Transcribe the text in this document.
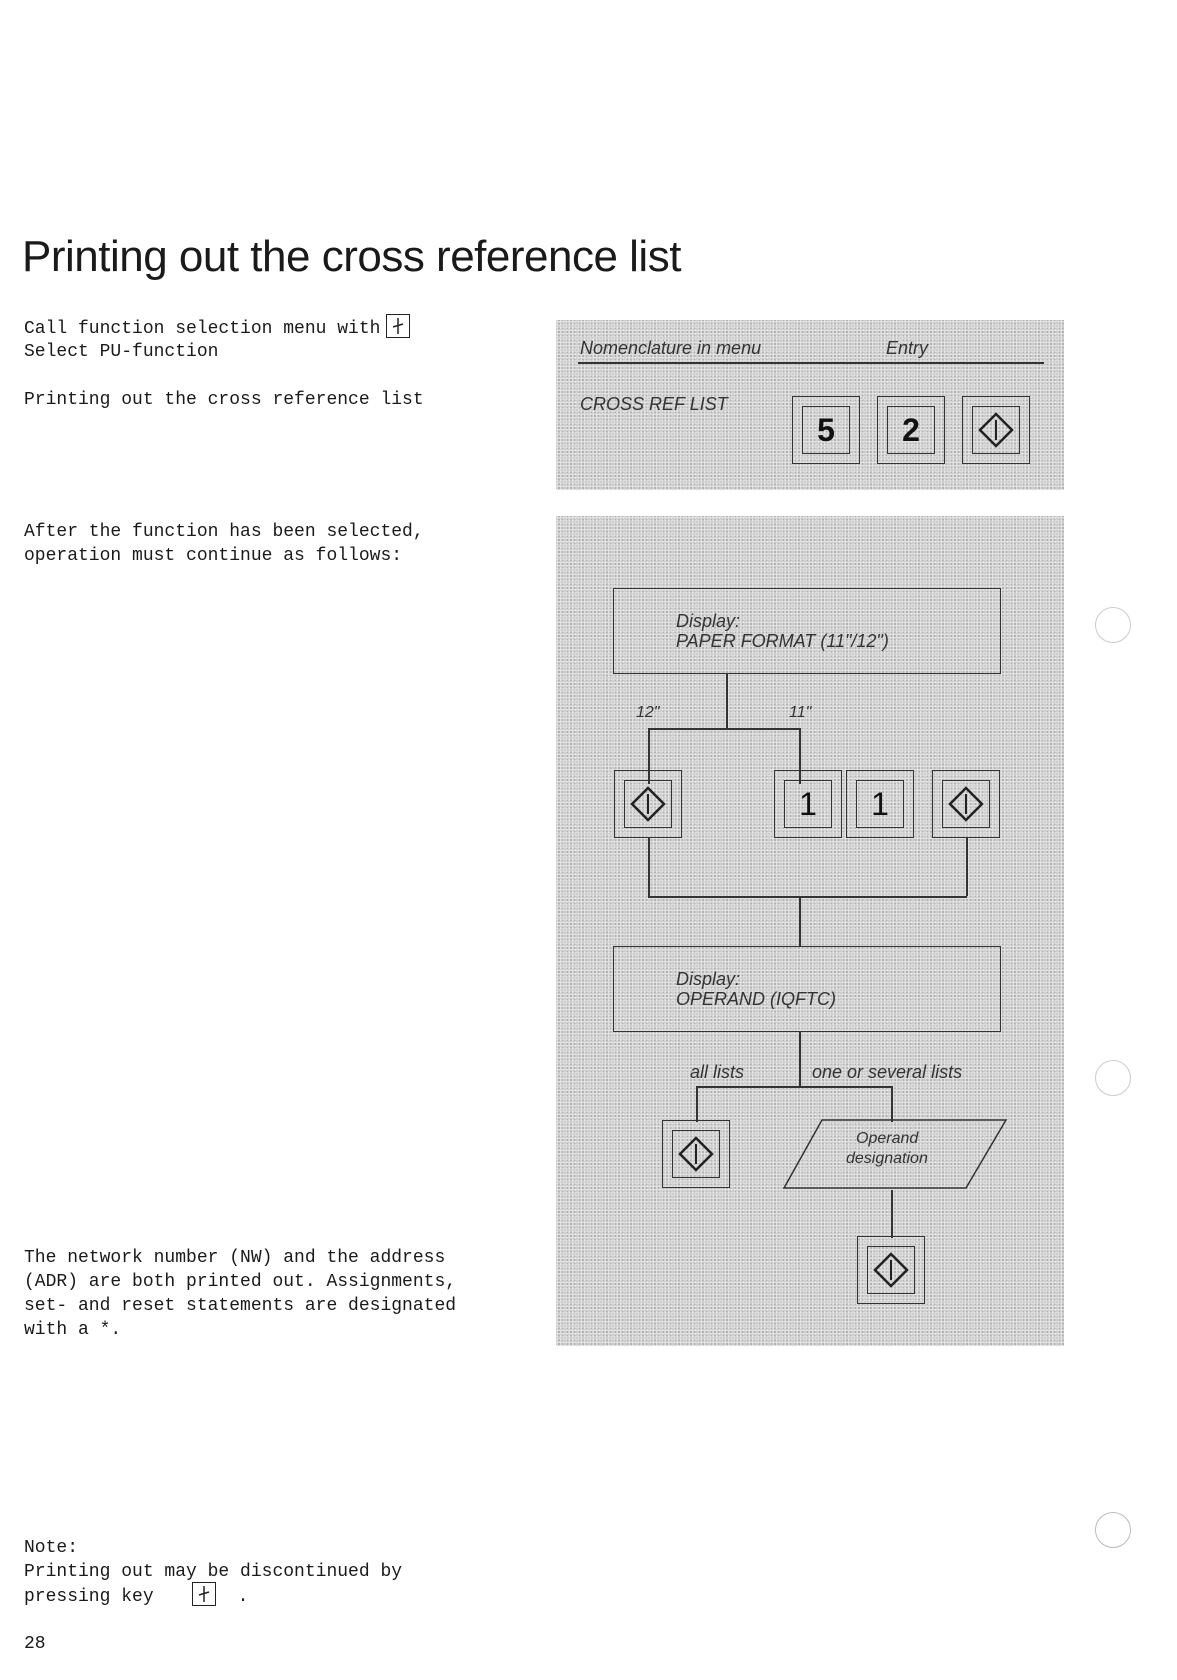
Printing out the cross reference list
Call function selection menu with
Select PU-function
Printing out the cross reference list
After the function has been selected,
operation must continue as follows:
The network number (NW) and the address
(ADR) are both printed out. Assignments,
set- and reset statements are designated
with a *.
Note:
Printing out may be discontinued by
pressing key	.
28
Nomenclature in menu	Entry
CROSS REF LIST
5	2
Display:
PAPER FORMAT (11"/12")
12"	11"
1	1
Display:
OPERAND (IQFTC)
all lists	one or several lists
Operand
designation
